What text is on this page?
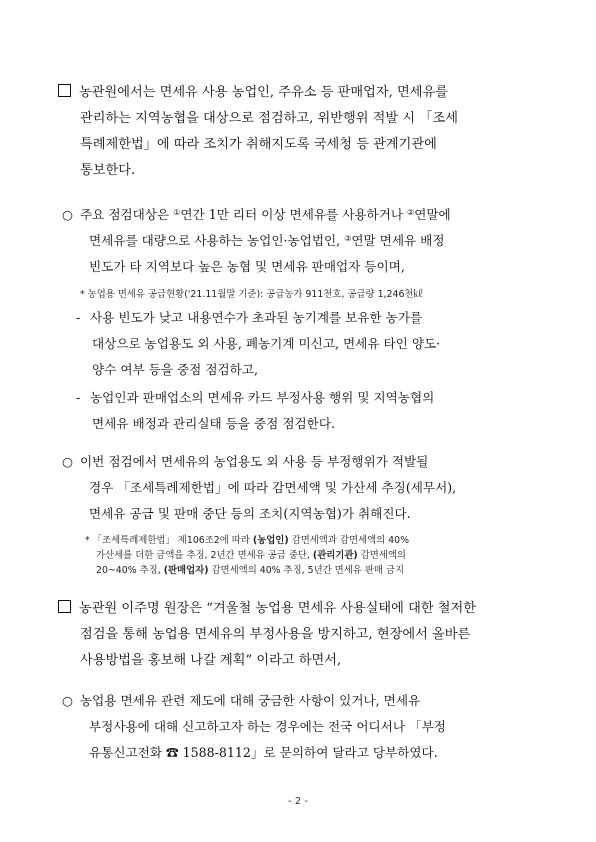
농관원에서는 면세유 사용 농업인, 주유소 등 판매업자, 면세유를
관리하는 지역농협을 대상으로 점검하고, 위반행위 적발 시 「조세
특례제한법」에 따라 조치가 취해지도록 국세청 등 관계기관에
통보한다.
○ 주요 점검대상은 ①연간 1만 리터 이상 면세유를 사용하거나 ②연말에
면세유를 대량으로 사용하는 농업인·농업법인, ③연말 면세유 배정
빈도가 타 지역보다 높은 농협 및 면세유 판매업자 등이며,
* 농업용 면세유 공급현황('21.11월말 기준): 공급농가 911천호, 공급량 1,246천㎘
- 사용 빈도가 낮고 내용연수가 초과된 농기계를 보유한 농가를
대상으로 농업용도 외 사용, 폐농기계 미신고, 면세유 타인 양도·
양수 여부 등을 중점 점검하고,
- 농업인과 판매업소의 면세유 카드 부정사용 행위 및 지역농협의
면세유 배정과 관리실태 등을 중점 점검한다.
○ 이번 점검에서 면세유의 농업용도 외 사용 등 부정행위가 적발될
경우 「조세특례제한법」에 따라 감면세액 및 가산세 추징(세무서),
면세유 공급 및 판매 중단 등의 조치(지역농협)가 취해진다.
* 「조세특례제한법」 제106조2에 따라 (농업인) 감면세액과 감면세액의 40%
가산세를 더한 금액을 추징, 2년간 면세유 공급 중단, (관리기관) 감면세액의
20~40% 추징, (판매업자) 감면세액의 40% 추징, 5년간 면세유 판매 금지
농관원 이주명 원장은 “겨울철 농업용 면세유 사용실태에 대한 철저한
점검을 통해 농업용 면세유의 부정사용을 방지하고, 현장에서 올바른
사용방법을 홍보해 나갈 계획” 이라고 하면서,
○ 농업용 면세유 관련 제도에 대해 궁금한 사항이 있거나, 면세유
부정사용에 대해 신고하고자 하는 경우에는 전국 어디서나 「부정
유통신고전화 ☎ 1588-8112」로 문의하여 달라고 당부하였다.
- 2 -
